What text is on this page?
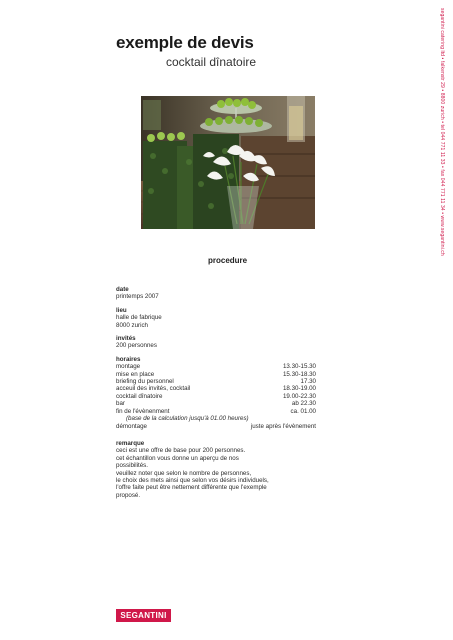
exemple de devis
cocktail dînatoire	segantini catering ltd • falkenstr 29 • 8800 zurich • tel 044 771 11 33 • fax 044 771 11 34 • www.segantini.ch
procedure
date
printemps 2007
lieu
halle de fabrique
8000 zurich
invités
200 personnes
horaires
montage	13.30-15.30
mise en place	15.30-18.30
briefing du personnel	17.30
acceuil des invités, cocktail	18.30-19.00
cocktail dînatoire	19.00-22.30
bar	ab 22.30
fin de l'évènenment	ca. 01.00
(base de la calculation jusqu'à 01.00 heures)
démontage	juste après l'évènement
remarque
ceci est une offre de base pour 200 personnes.
cet échantillon vous donne un aperçu de nos
possibilités.
veuillez noter que selon le nombre de personnes,
le choix des mets ainsi que selon vos désirs individuels,
l'offre faite peut être nettement différente que l'exemple
proposé.
SEGANTINI
